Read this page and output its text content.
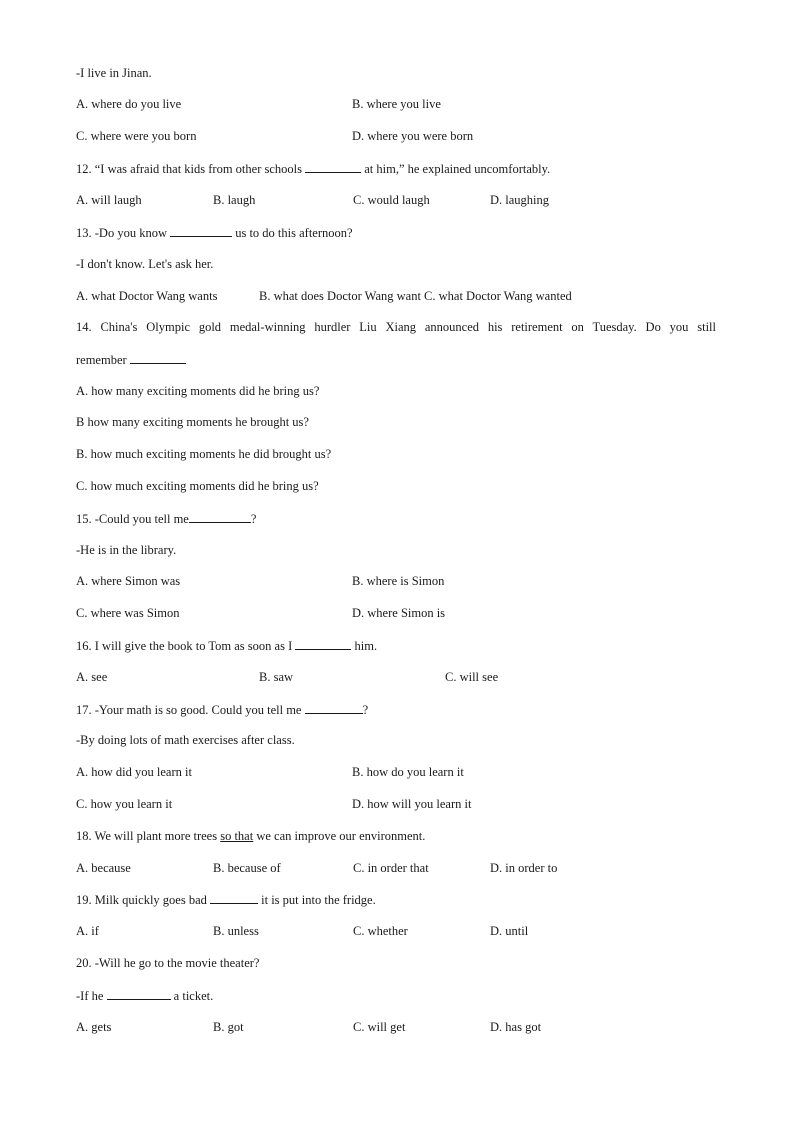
-I live in Jinan.
A. where do you live	B. where you live
C. where were you born	D. where you were born
12. “I was afraid that kids from other schools	at him,” he explained uncomfortably.
A. will laugh	B. laugh	C. would laugh	D. laughing
13. -Do you know	us to do this afternoon?
-I don't know. Let's ask her.
A. what Doctor Wang wants	B. what does Doctor Wang want C. what Doctor Wang wanted
14. China's Olympic gold medal-winning hurdler Liu Xiang announced his retirement on Tuesday. Do you still
remember
A. how many exciting moments did he bring us?
B how many exciting moments he brought us?
B. how much exciting moments he did brought us?
C. how much exciting moments did he bring us?
15. -Could you tell me	?
-He is in the library.
A. where Simon was	B. where is Simon
C. where was Simon	D. where Simon is
16. I will give the book to Tom as soon as I	him.
A. see	B. saw	C. will see
17. -Your math is so good. Could you tell me	?
-By doing lots of math exercises after class.
A. how did you learn it	B. how do you learn it
C. how you learn it	D. how will you learn it
18. We will plant more trees so that we can improve our environment.
A. because	B. because of	C. in order that	D. in order to
19. Milk quickly goes bad	it is put into the fridge.
A. if	B. unless	C. whether	D. until
20. -Will he go to the movie theater?
-If he	a ticket.
A. gets	B. got	C. will get	D. has got
